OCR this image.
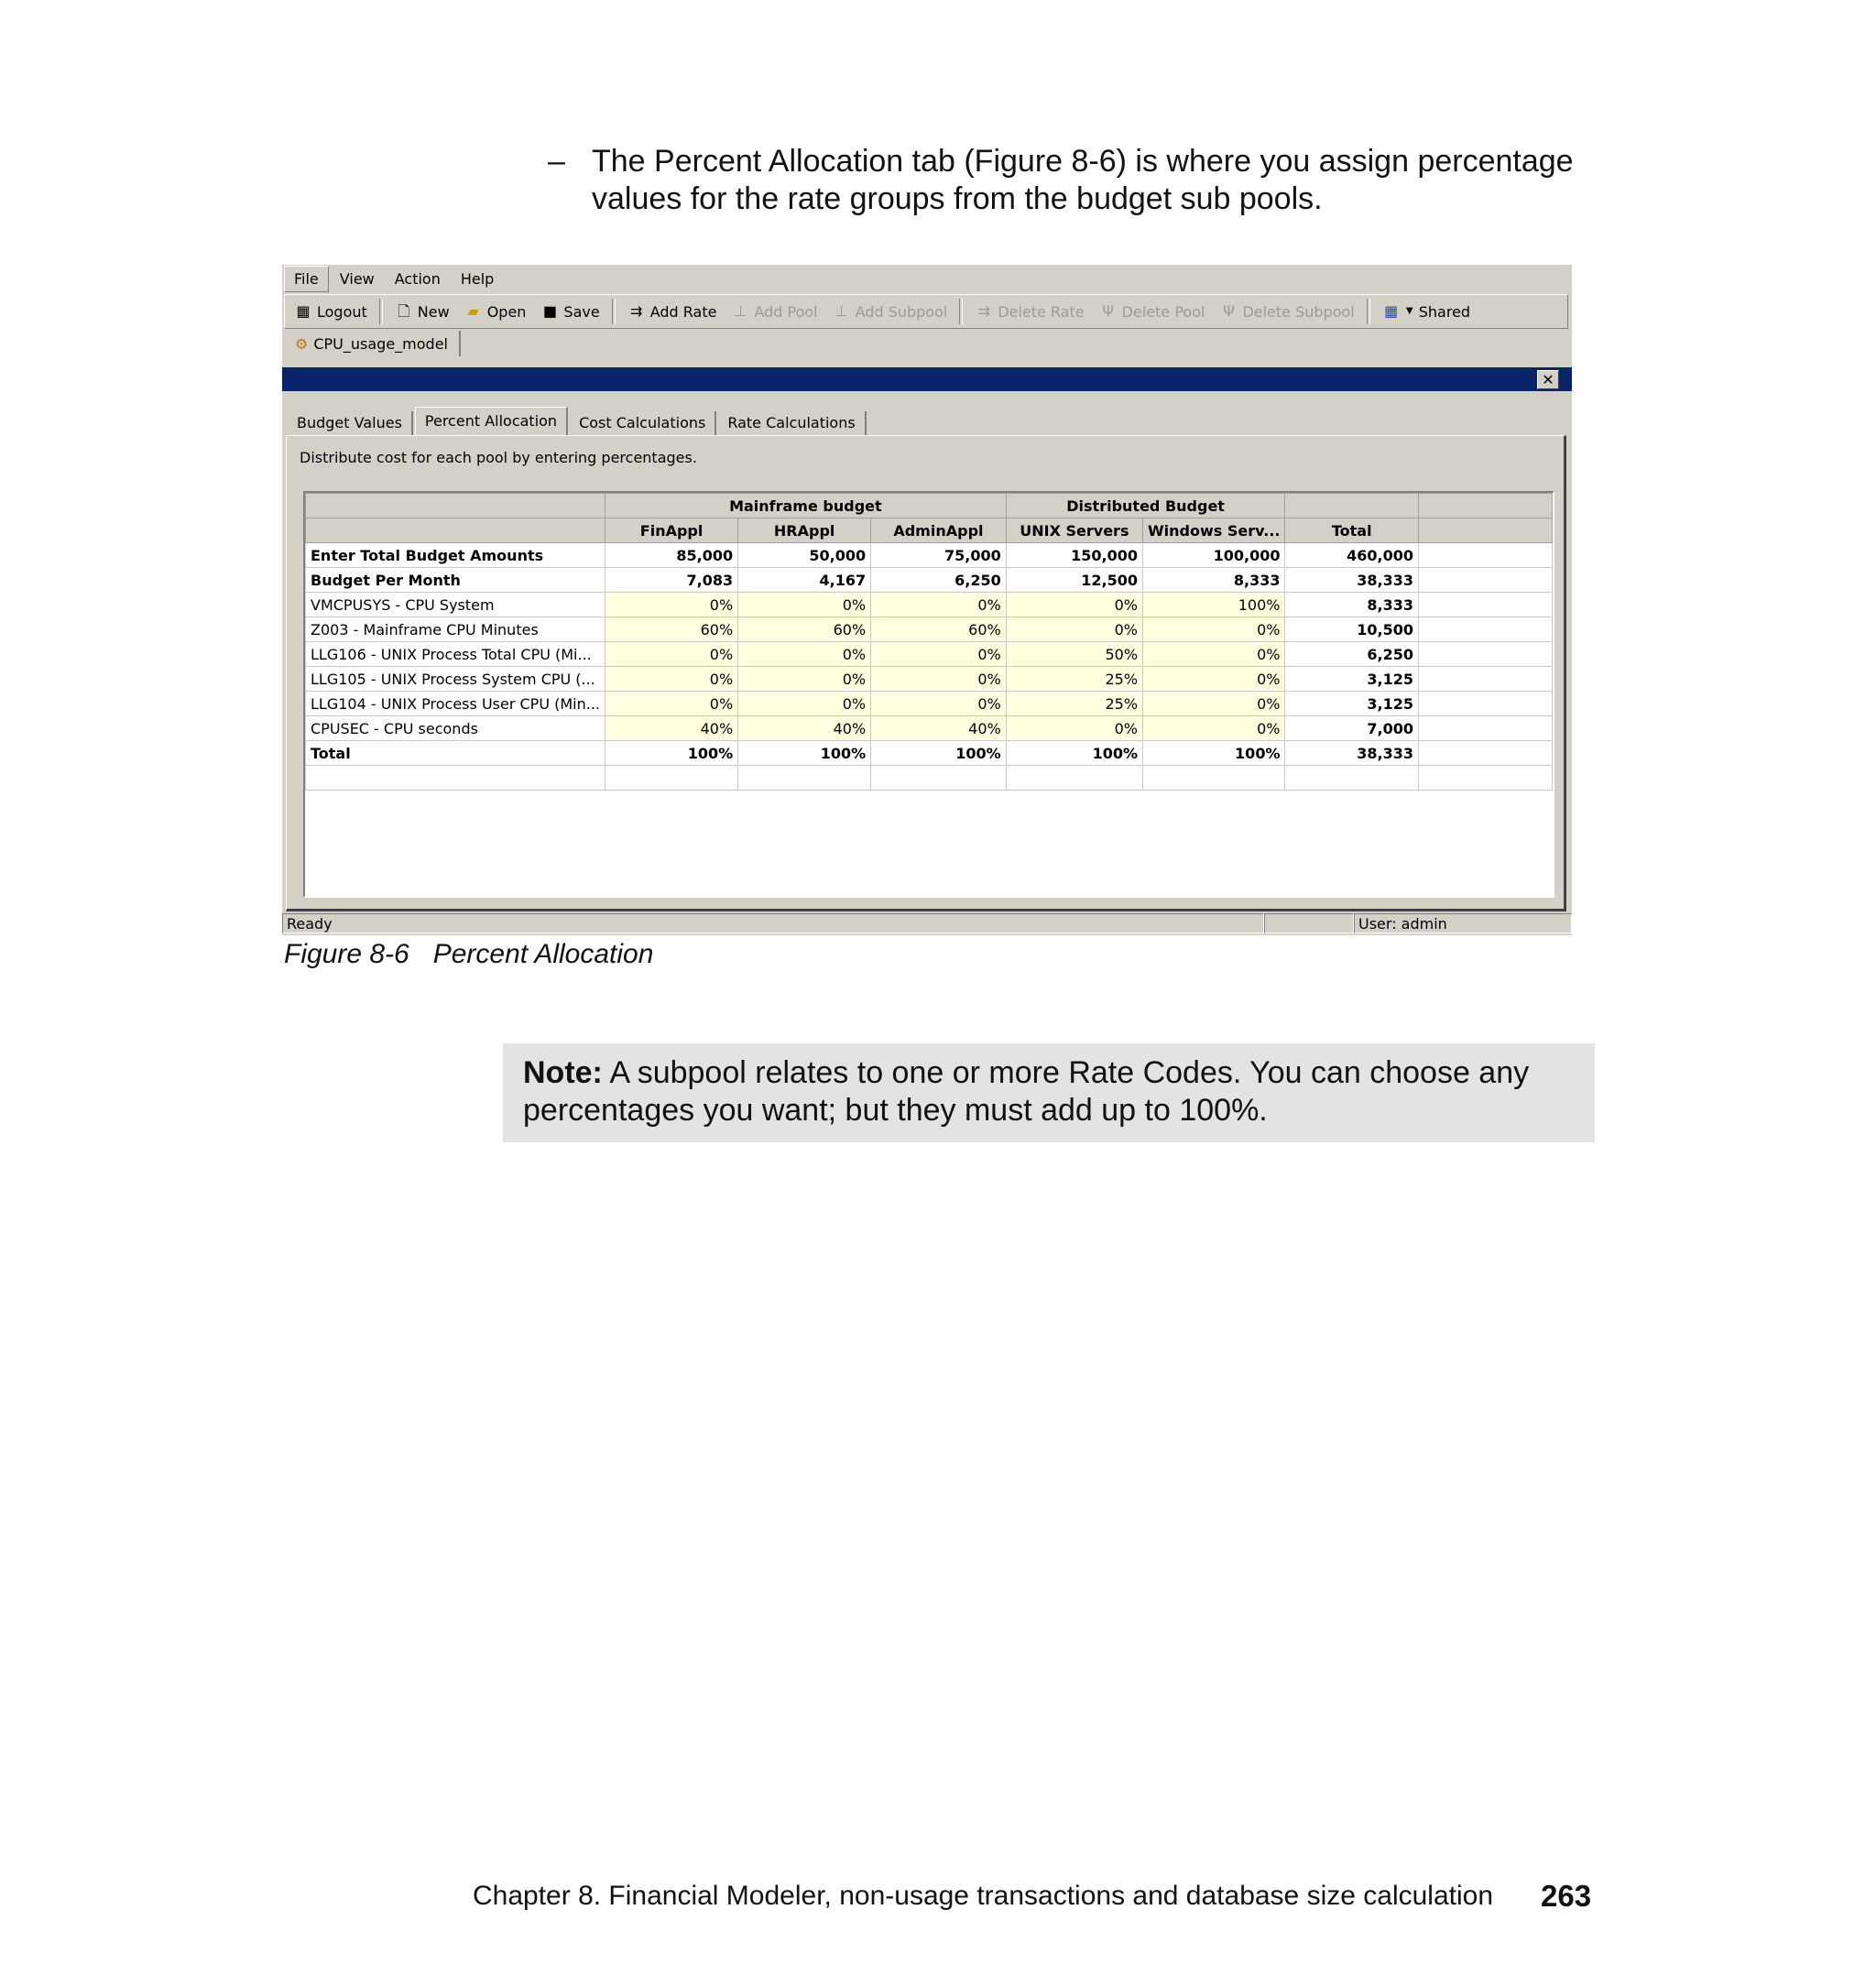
– The Percent Allocation tab (Figure 8-6) is where you assign percentage values for the rate groups from the budget sub pools.
File	View	Action	Help
▦ Logout 🗋 New ▰ Open ■ Save ⇉ Add Rate ⊥ Add Pool ⊥ Add Subpool ⇉ Delete Rate Ψ Delete Pool Ψ Delete Subpool ▦ ▼ Shared
⚙ CPU_usage_model
✕
Budget Values	Percent Allocation	Cost Calculations	Rate Calculations
Distribute cost for each pool by entering percentages.
	Mainframe budget			Distributed Budget			
	FinAppl	HRAppl	AdminAppl	UNIX Servers	Windows Serv...	Total	
Enter Total Budget Amounts	85,000	50,000	75,000	150,000	100,000	460,000	
Budget Per Month	7,083	4,167	6,250	12,500	8,333	38,333	
VMCPUSYS - CPU System	0%	0%	0%	0%	100%	8,333	
Z003 - Mainframe CPU Minutes	60%	60%	60%	0%	0%	10,500	
LLG106 - UNIX Process Total CPU (Mi...	0%	0%	0%	50%	0%	6,250	
LLG105 - UNIX Process System CPU (...	0%	0%	0%	25%	0%	3,125	
LLG104 - UNIX Process User CPU (Min...	0%	0%	0%	25%	0%	3,125	
CPUSEC - CPU seconds	40%	40%	40%	0%	0%	7,000	
Total	100%	100%	100%	100%	100%	38,333	

Ready	User: admin
Figure 8-6 Percent Allocation
Note: A subpool relates to one or more Rate Codes. You can choose any percentages you want; but they must add up to 100%.
Chapter 8. Financial Modeler, non-usage transactions and database size calculation 263
